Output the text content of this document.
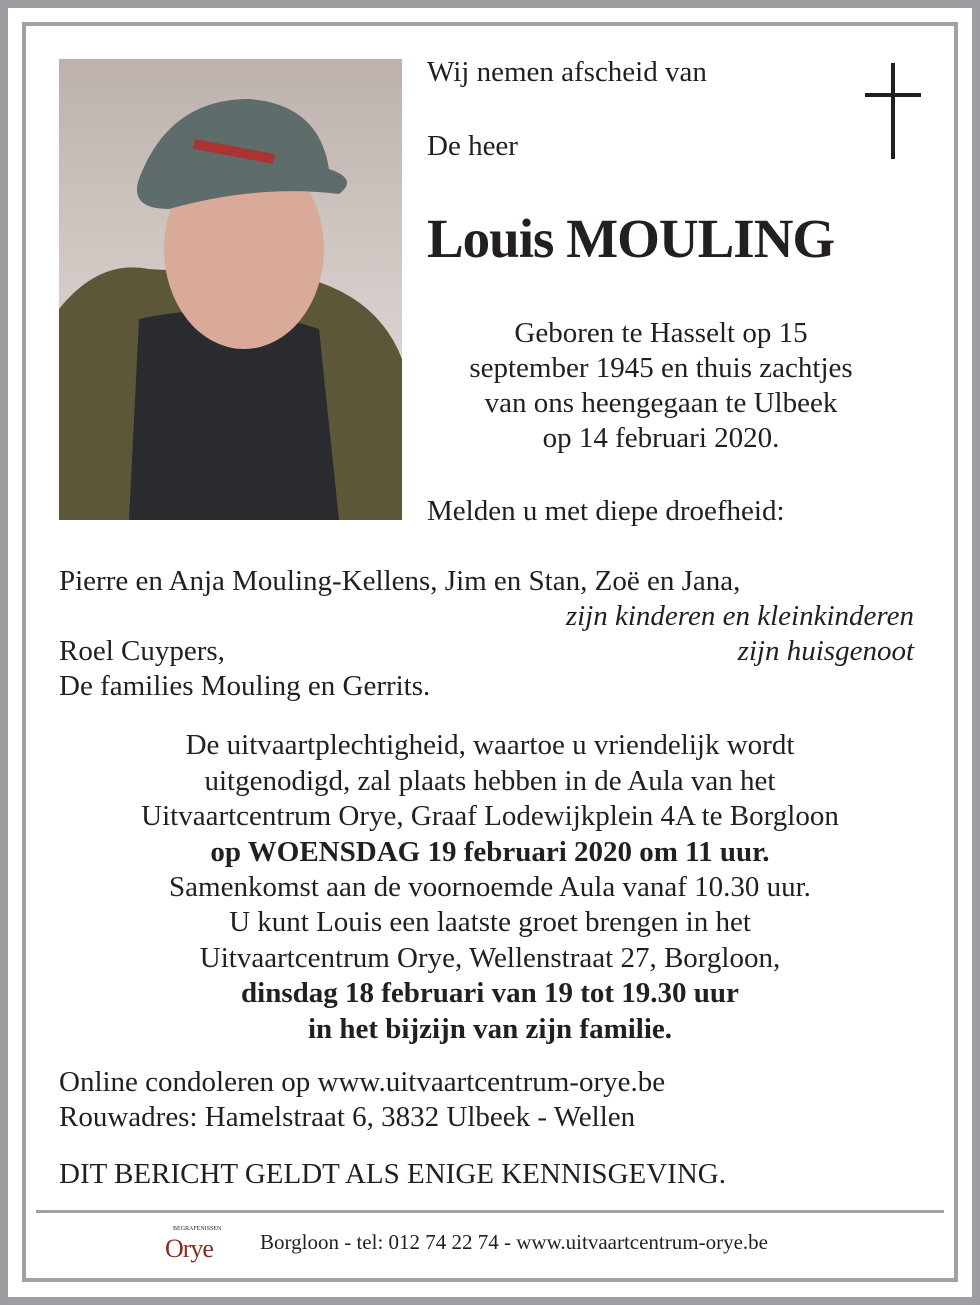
Wij nemen afscheid van
De heer
Louis MOULING
Geboren te Hasselt op 15
september 1945 en thuis zachtjes
van ons heengegaan te Ulbeek
op 14 februari 2020.
Melden u met diepe droefheid:
Pierre en Anja Mouling-Kellens, Jim en Stan, Zoë en Jana,
zijn kinderen en kleinkinderen
Roel Cuypers,	zijn huisgenoot
De families Mouling en Gerrits.
De uitvaartplechtigheid, waartoe u vriendelijk wordt
uitgenodigd, zal plaats hebben in de Aula van het
Uitvaartcentrum Orye, Graaf Lodewijkplein 4A te Borgloon
op WOENSDAG 19 februari 2020 om 11 uur.
Samenkomst aan de voornoemde Aula vanaf 10.30 uur.
U kunt Louis een laatste groet brengen in het
Uitvaartcentrum Orye, Wellenstraat 27, Borgloon,
dinsdag 18 februari van 19 tot 19.30 uur
in het bijzijn van zijn familie.
Online condoleren op www.uitvaartcentrum-orye.be
Rouwadres: Hamelstraat 6, 3832 Ulbeek - Wellen
DIT BERICHT GELDT ALS ENIGE KENNISGEVING.
BEGRAFENISSEN
Orye Borgloon - tel: 012 74 22 74 - www.uitvaartcentrum-orye.be
